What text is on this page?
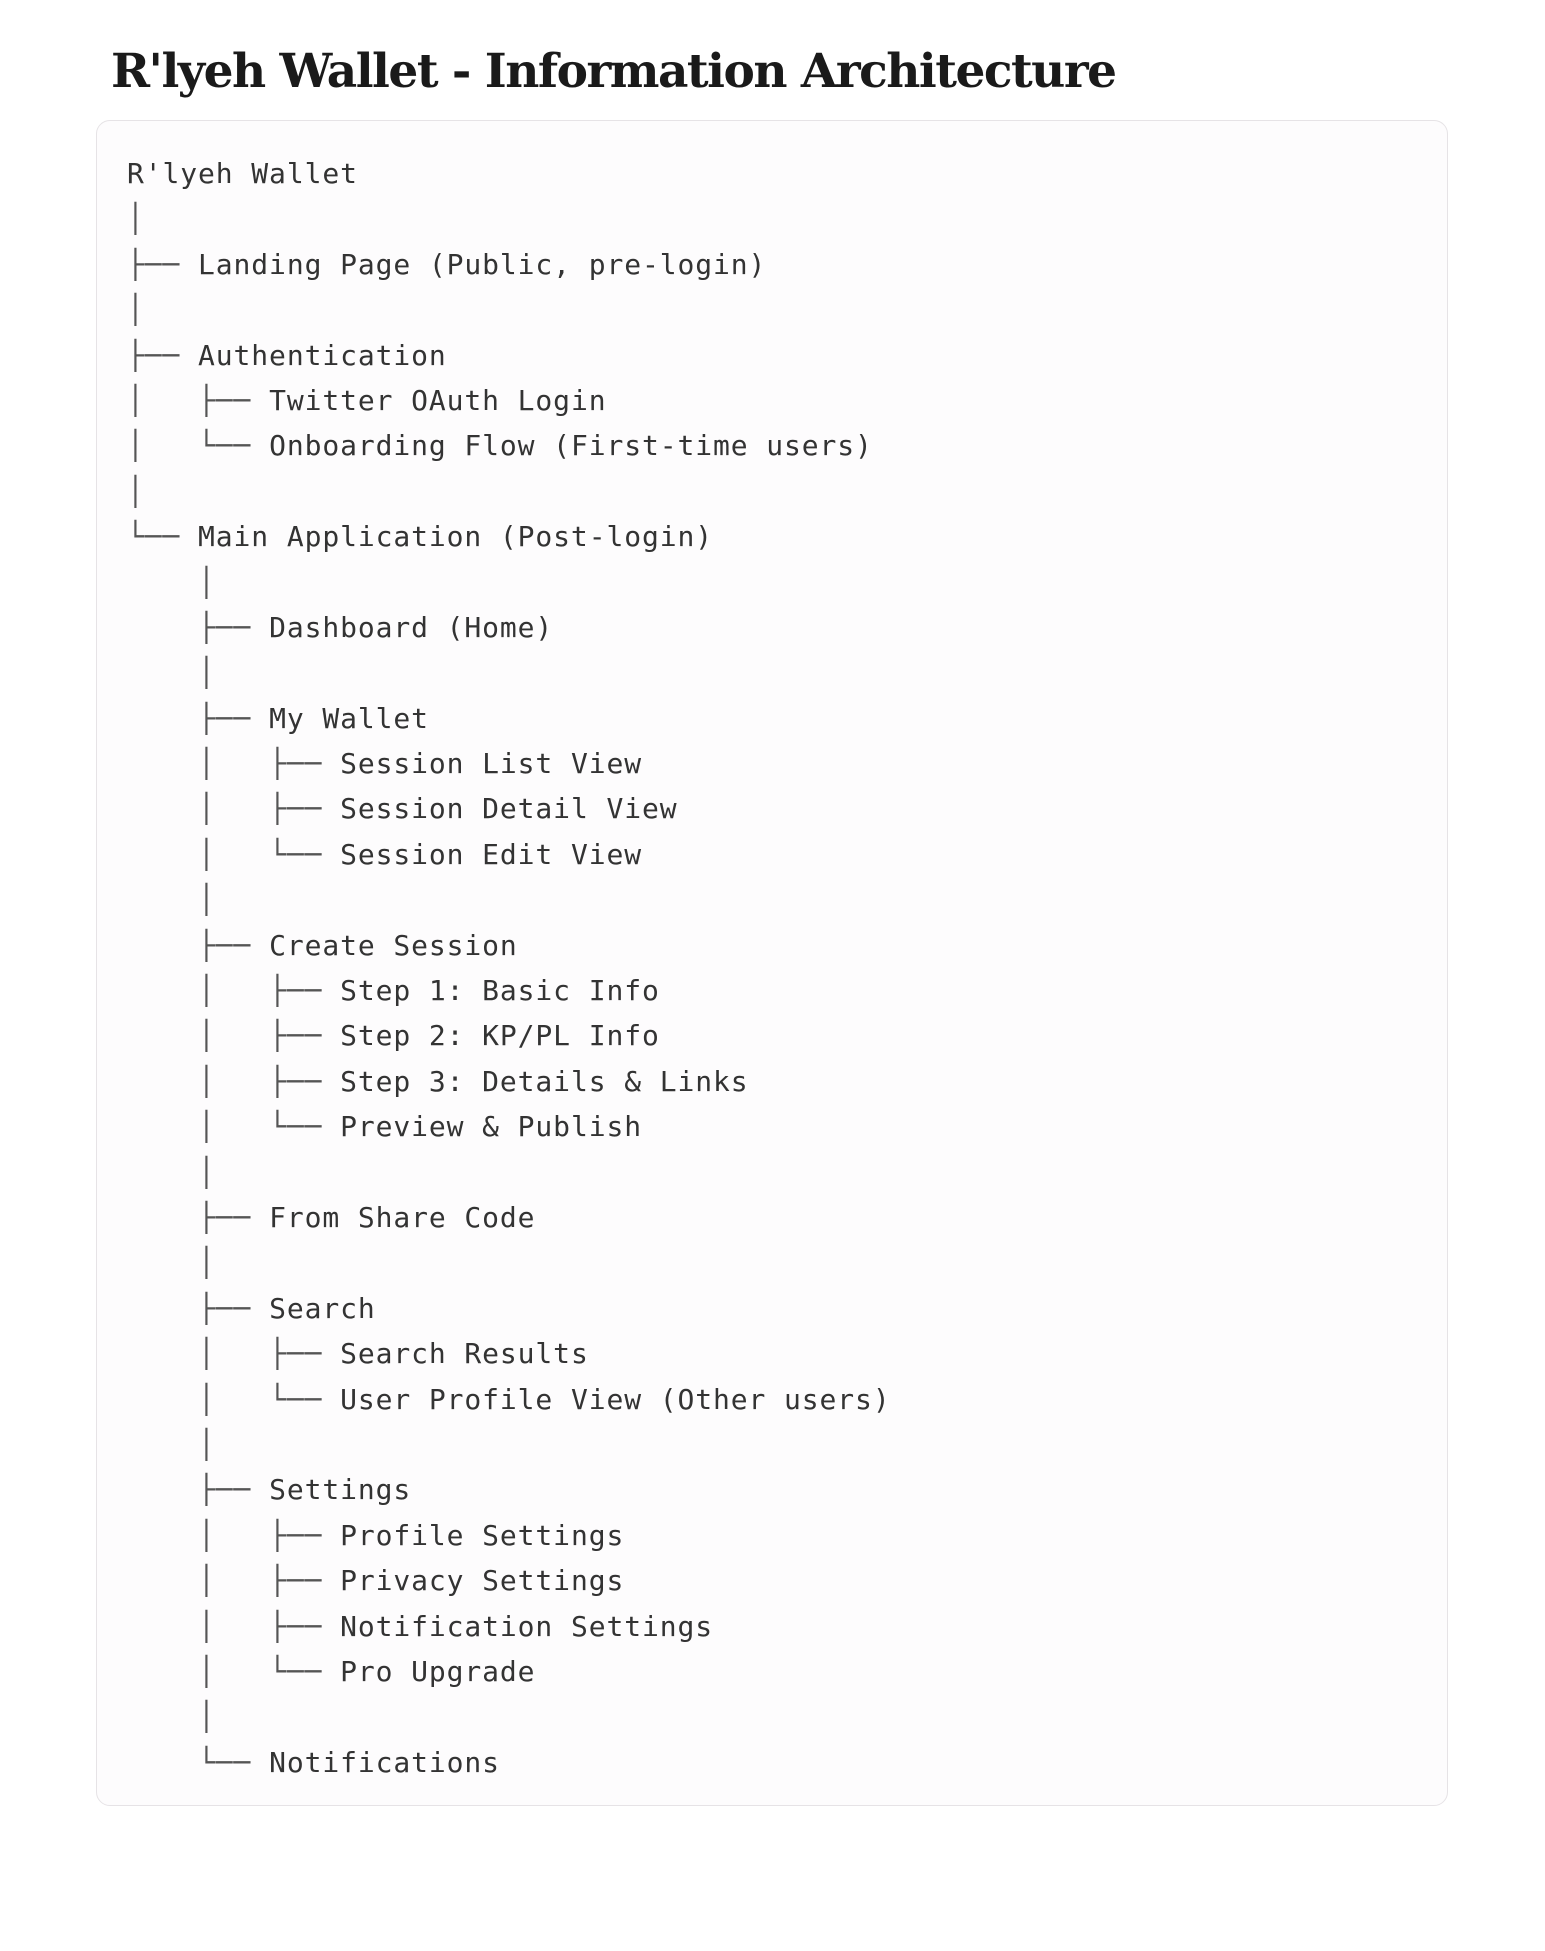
R'lyeh Wallet - Information Architecture
R'lyeh Wallet
│
├── Landing Page (Public, pre-login)
│
├── Authentication
│   ├── Twitter OAuth Login
│   └── Onboarding Flow (First-time users)
│
└── Main Application (Post-login)
│
├── Dashboard (Home)
│
├── My Wallet
│   ├── Session List View
│   ├── Session Detail View
│   └── Session Edit View
│
├── Create Session
│   ├── Step 1: Basic Info
│   ├── Step 2: KP/PL Info
│   ├── Step 3: Details & Links
│   └── Preview & Publish
│
├── From Share Code
│
├── Search
│   ├── Search Results
│   └── User Profile View (Other users)
│
├── Settings
│   ├── Profile Settings
│   ├── Privacy Settings
│   ├── Notification Settings
│   └── Pro Upgrade
│
└── Notifications
